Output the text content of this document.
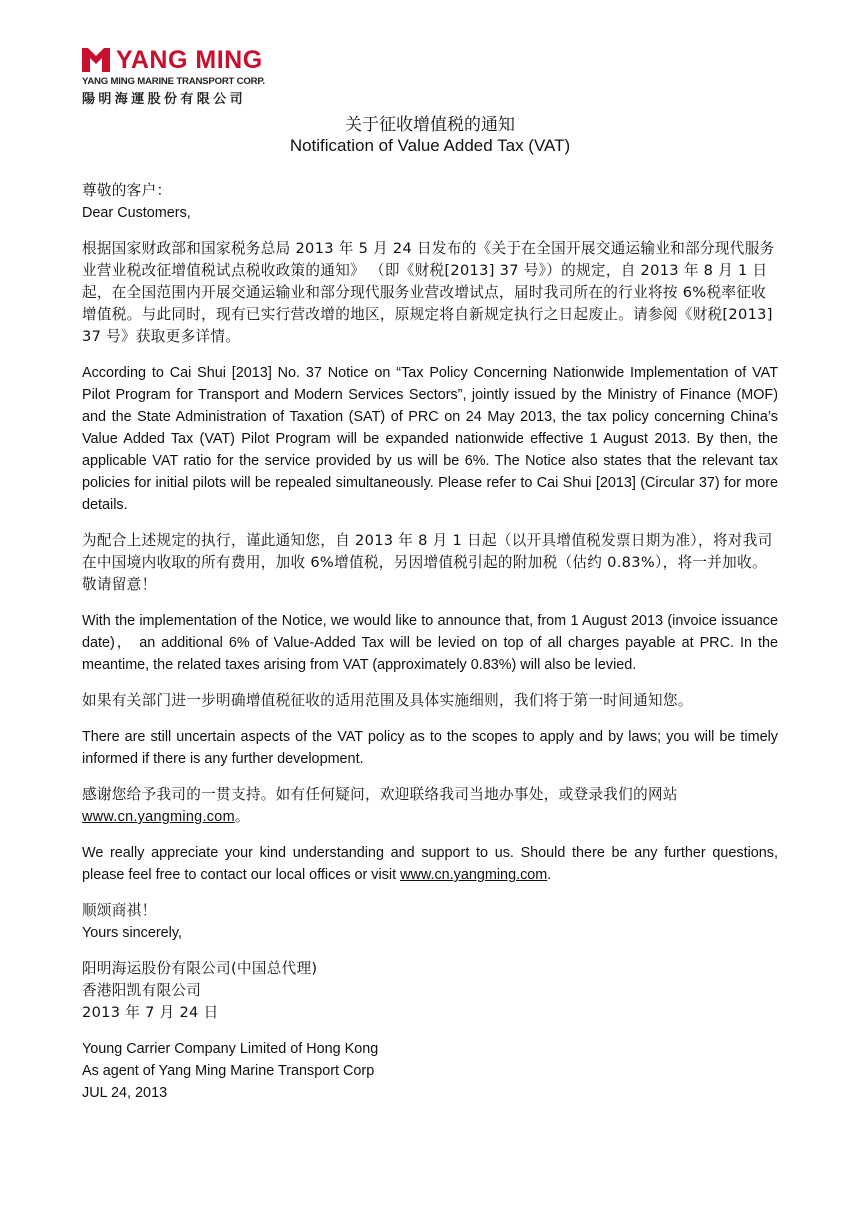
YANG MING
YANG MING MARINE TRANSPORT CORP.
陽明海運股份有限公司
关于征收增值税的通知
Notification of Value Added Tax (VAT)
尊敬的客户：
Dear Customers,

根据国家财政部和国家税务总局 2013 年 5 月 24 日发布的《关于在全国开展交通运输业和部分现代服务业营业税改征增值税试点税收政策的通知》 （即《财税[2013] 37 号》）的规定，自 2013 年 8 月 1 日起，在全国范围内开展交通运输业和部分现代服务业营改增试点，届时我司所在的行业将按 6%税率征收增值税。与此同时，现有已实行营改增的地区，原规定将自新规定执行之日起废止。请参阅《财税[2013] 37 号》获取更多详情。

According to Cai Shui [2013] No. 37 Notice on “Tax Policy Concerning Nationwide Implementation of VAT Pilot Program for Transport and Modern Services Sectors”, jointly issued by the Ministry of Finance (MOF) and the State Administration of Taxation (SAT) of PRC on 24 May 2013, the tax policy concerning China’s Value Added Tax (VAT) Pilot Program will be expanded nationwide effective 1 August 2013. By then, the applicable VAT ratio for the service provided by us will be 6%. The Notice also states that the relevant tax policies for initial pilots will be repealed simultaneously. Please refer to Cai Shui [2013] (Circular 37) for more details.

为配合上述规定的执行，谨此通知您，自 2013 年 8 月 1 日起（以开具增值税发票日期为准），将对我司在中国境内收取的所有费用，加收 6%增值税，另因增值税引起的附加税（估约 0.83%），将一并加收。敬请留意！

With the implementation of the Notice, we would like to announce that, from 1 August 2013 (invoice issuance date)， an additional 6% of Value-Added Tax will be levied on top of all charges payable at PRC. In the meantime, the related taxes arising from VAT (approximately 0.83%) will also be levied.

如果有关部门进一步明确增值税征收的适用范围及具体实施细则，我们将于第一时间通知您。

There are still uncertain aspects of the VAT policy as to the scopes to apply and by laws; you will be timely informed if there is any further development.

感谢您给予我司的一贯支持。如有任何疑问，欢迎联络我司当地办事处，或登录我们的网站
www.cn.yangming.com。

We really appreciate your kind understanding and support to us. Should there be any further questions, please feel free to contact our local offices or visit www.cn.yangming.com.

顺颂商祺！
Yours sincerely,
阳明海运股份有限公司(中国总代理)
香港阳凯有限公司
2013 年 7 月 24 日
Young Carrier Company Limited of Hong Kong
As agent of Yang Ming Marine Transport Corp
JUL 24, 2013
